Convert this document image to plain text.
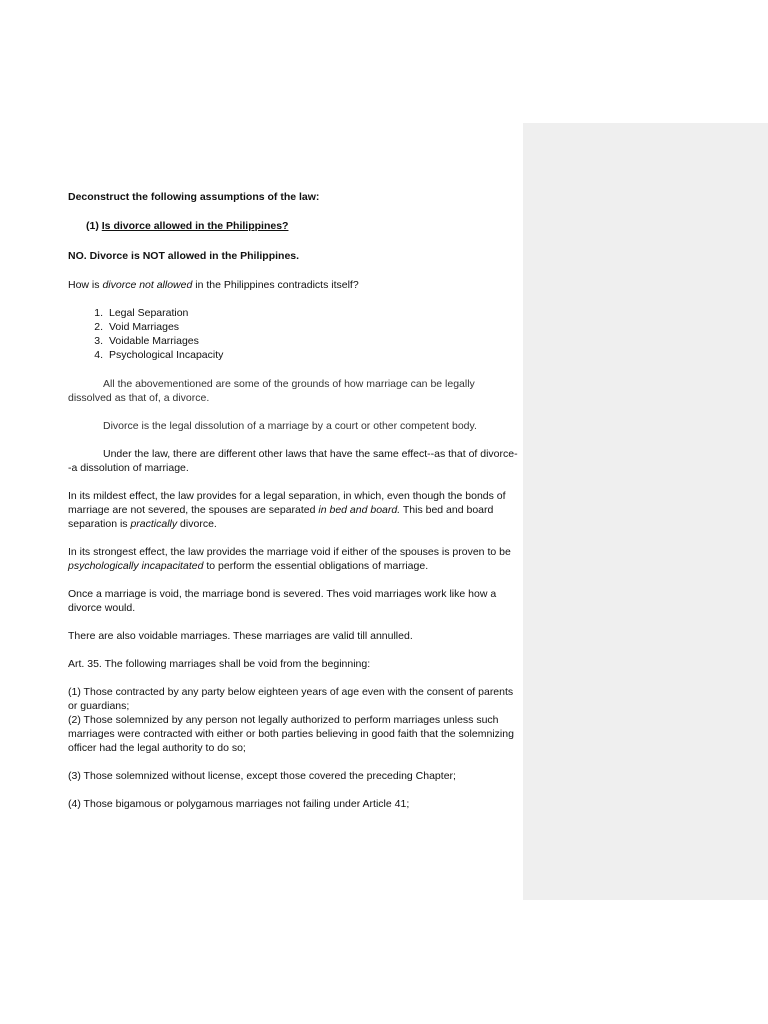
Deconstruct the following assumptions of the law:

(1) Is divorce allowed in the Philippines?

NO. Divorce is NOT allowed in the Philippines.

How is divorce not allowed in the Philippines contradicts itself?

1. Legal Separation
2. Void Marriages
3. Voidable Marriages
4. Psychological Incapacity

All the abovementioned are some of the grounds of how marriage can be legally dissolved as that of, a divorce.

Divorce is the legal dissolution of a marriage by a court or other competent body.

Under the law, there are different other laws that have the same effect--as that of divorce--a dissolution of marriage.

In its mildest effect, the law provides for a legal separation, in which, even though the bonds of marriage are not severed, the spouses are separated in bed and board. This bed and board separation is practically divorce.

In its strongest effect, the law provides the marriage void if either of the spouses is proven to be psychologically incapacitated to perform the essential obligations of marriage.

Once a marriage is void, the marriage bond is severed. Thes void marriages work like how a divorce would.

There are also voidable marriages. These marriages are valid till annulled.

Art. 35. The following marriages shall be void from the beginning:

(1) Those contracted by any party below eighteen years of age even with the consent of parents or guardians;

(2) Those solemnized by any person not legally authorized to perform marriages unless such marriages were contracted with either or both parties believing in good faith that the solemnizing officer had the legal authority to do so;

(3) Those solemnized without license, except those covered the preceding Chapter;

(4) Those bigamous or polygamous marriages not failing under Article 41;
